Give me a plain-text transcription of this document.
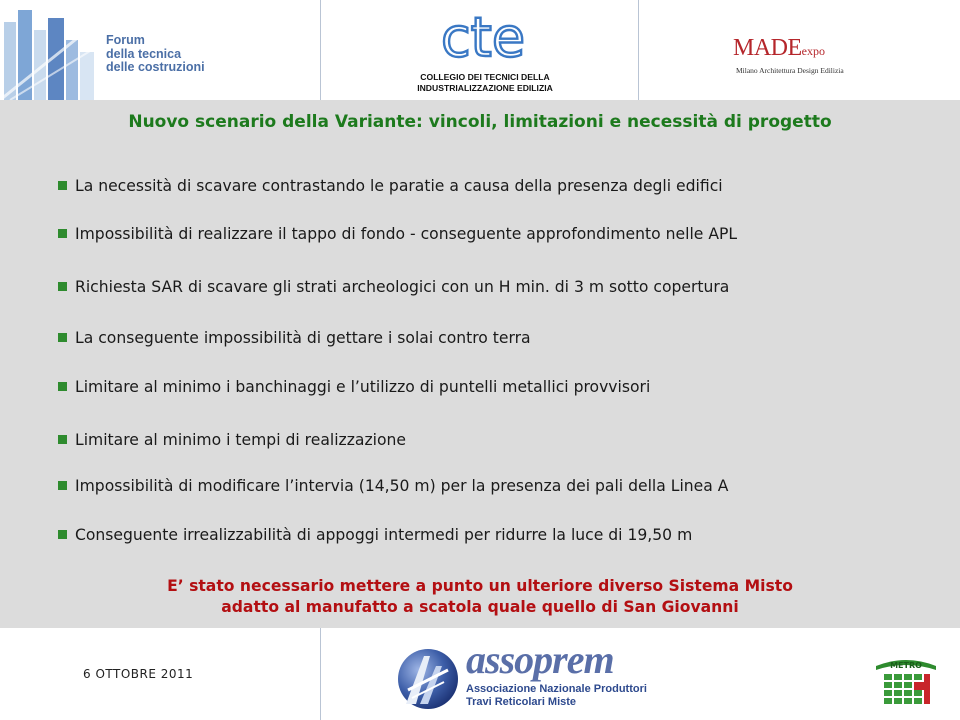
Forum
della tecnica
delle costruzioni	cte
COLLEGIO DEI TECNICI DELLA
INDUSTRIALIZZAZIONE EDILIZIA
MADEexpo
Milano Architettura Design Edilizia
Nuovo scenario della Variante: vincoli, limitazioni e necessità di progetto
La necessità di scavare contrastando le paratie a causa della presenza degli edifici
Impossibilità di realizzare il tappo di fondo - conseguente approfondimento nelle APL
Richiesta SAR di scavare gli strati archeologici con un H min. di 3 m sotto copertura
La conseguente impossibilità di gettare i solai contro terra
Limitare al minimo i banchinaggi e l’utilizzo di puntelli metallici provvisori
Limitare al minimo i tempi di realizzazione
Impossibilità di modificare l’intervia (14,50 m) per la presenza dei pali della Linea A
Conseguente irrealizzabilità di appoggi intermedi per ridurre la luce di 19,50 m
E’ stato necessario mettere a punto un ulteriore diverso Sistema Misto
adatto al manufatto a scatola quale quello di San Giovanni
6 OTTOBRE 2011	assoprem
Associazione Nazionale Produttori
Travi Reticolari Miste
METRO
